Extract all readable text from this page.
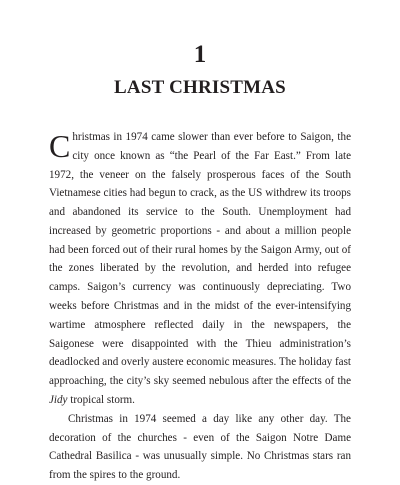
1
LAST CHRISTMAS

Christmas in 1974 came slower than ever before to Saigon, the city once known as “the Pearl of the Far East.” From late 1972, the veneer on the falsely prosperous faces of the South Vietnamese cities had begun to crack, as the US withdrew its troops and abandoned its service to the South. Unemployment had increased by geometric proportions - and about a million people had been forced out of their rural homes by the Saigon Army, out of the zones liberated by the revolution, and herded into refugee camps. Saigon’s currency was continuously depreciating. Two weeks before Christmas and in the midst of the ever-intensifying wartime atmosphere reflected daily in the newspapers, the Saigonese were disappointed with the Thieu administration’s deadlocked and overly austere economic measures. The holiday fast approaching, the city’s sky seemed nebulous after the effects of the Jidy tropical storm.

Christmas in 1974 seemed a day like any other day. The decoration of the churches - even of the Saigon Notre Dame Cathedral Basilica - was unusually simple. No Christmas stars ran from the spires to the ground.
